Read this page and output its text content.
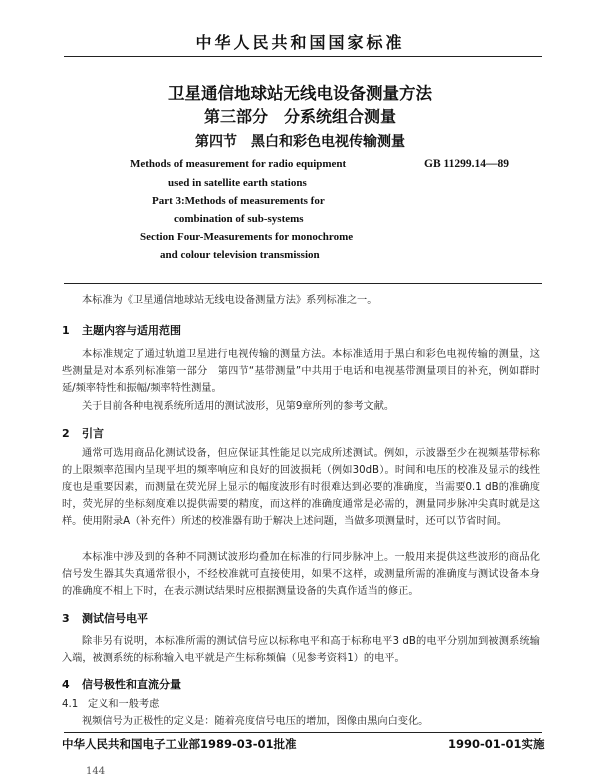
中华人民共和国国家标准
卫星通信地球站无线电设备测量方法
第三部分　分系统组合测量
第四节　黑白和彩色电视传输测量
Methods of measurement for radio equipment
used in satellite earth stations
Part 3:Methods of measurements for
combination of sub-systems
Section Four-Measurements for monochrome
and colour television transmission
GB 11299.14—89
本标准为《卫星通信地球站无线电设备测量方法》系列标准之一。
1 主题内容与适用范围
本标准规定了通过轨道卫星进行电视传输的测量方法。本标准适用于黑白和彩色电视传输的测量，这些测量是对本系列标准第一部分　第四节“基带测量”中共用于电话和电视基带测量项目的补充，例如群时延/频率特性和振幅/频率特性测量。
关于目前各种电视系统所适用的测试波形，见第9章所列的参考文献。
2 引言
通常可选用商品化测试设备，但应保证其性能足以完成所述测试。例如，示波器至少在视频基带标称的上限频率范围内呈现平坦的频率响应和良好的回波损耗（例如30dB）。时间和电压的校准及显示的线性度也是重要因素，而测量在荧光屏上显示的幅度波形有时很难达到必要的准确度，当需要0.1 dB的准确度时，荧光屏的坐标刻度难以提供需要的精度，而这样的准确度通常是必需的，测量同步脉冲尖真时就是这样。使用附录A（补充件）所述的校准器有助于解决上述问题，当做多项测量时，还可以节省时间。
本标准中涉及到的各种不同测试波形均叠加在标准的行同步脉冲上。一般用来提供这些波形的商品化信号发生器其失真通常很小，不经校准就可直接使用，如果不这样，或测量所需的准确度与测试设备本身的准确度不相上下时，在表示测试结果时应根据测量设备的失真作适当的修正。
3 测试信号电平
除非另有说明，本标准所需的测试信号应以标称电平和高于标称电平3 dB的电平分别加到被测系统输入端，被测系统的标称输入电平就是产生标称频偏（见参考资料1）的电平。
4 信号极性和直流分量
4.1 定义和一般考虑
视频信号为正极性的定义是：随着亮度信号电压的增加，图像由黑向白变化。
中华人民共和国电子工业部1989-03-01批准	1990-01-01实施
144
